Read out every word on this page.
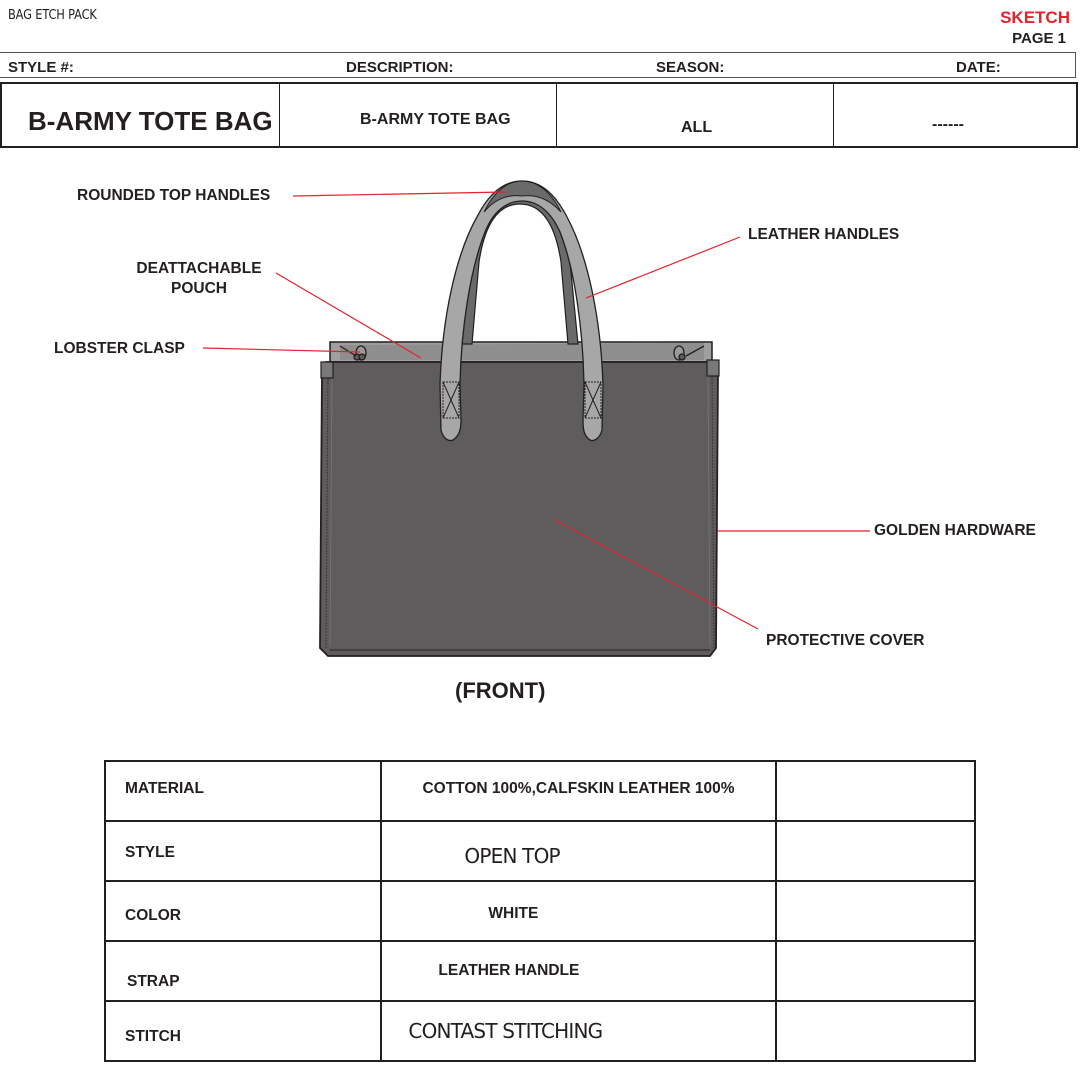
BAG ETCH PACK	SKETCH
PAGE 1
STYLE #:	DESCRIPTION:	SEASON:	DATE:
B-ARMY TOTE BAG	B-ARMY TOTE BAG	ALL	------
ROUNDED TOP HANDLES
LEATHER HANDLES
DEATTACHABLE
POUCH
LOBSTER CLASP
GOLDEN HARDWARE
PROTECTIVE COVER
(FRONT)
MATERIAL	COTTON 100%,CALFSKIN LEATHER 100%	
STYLE	OPEN TOP	
COLOR	WHITE	
STRAP	LEATHER HANDLE	
STITCH	CONTAST STITCHING	
